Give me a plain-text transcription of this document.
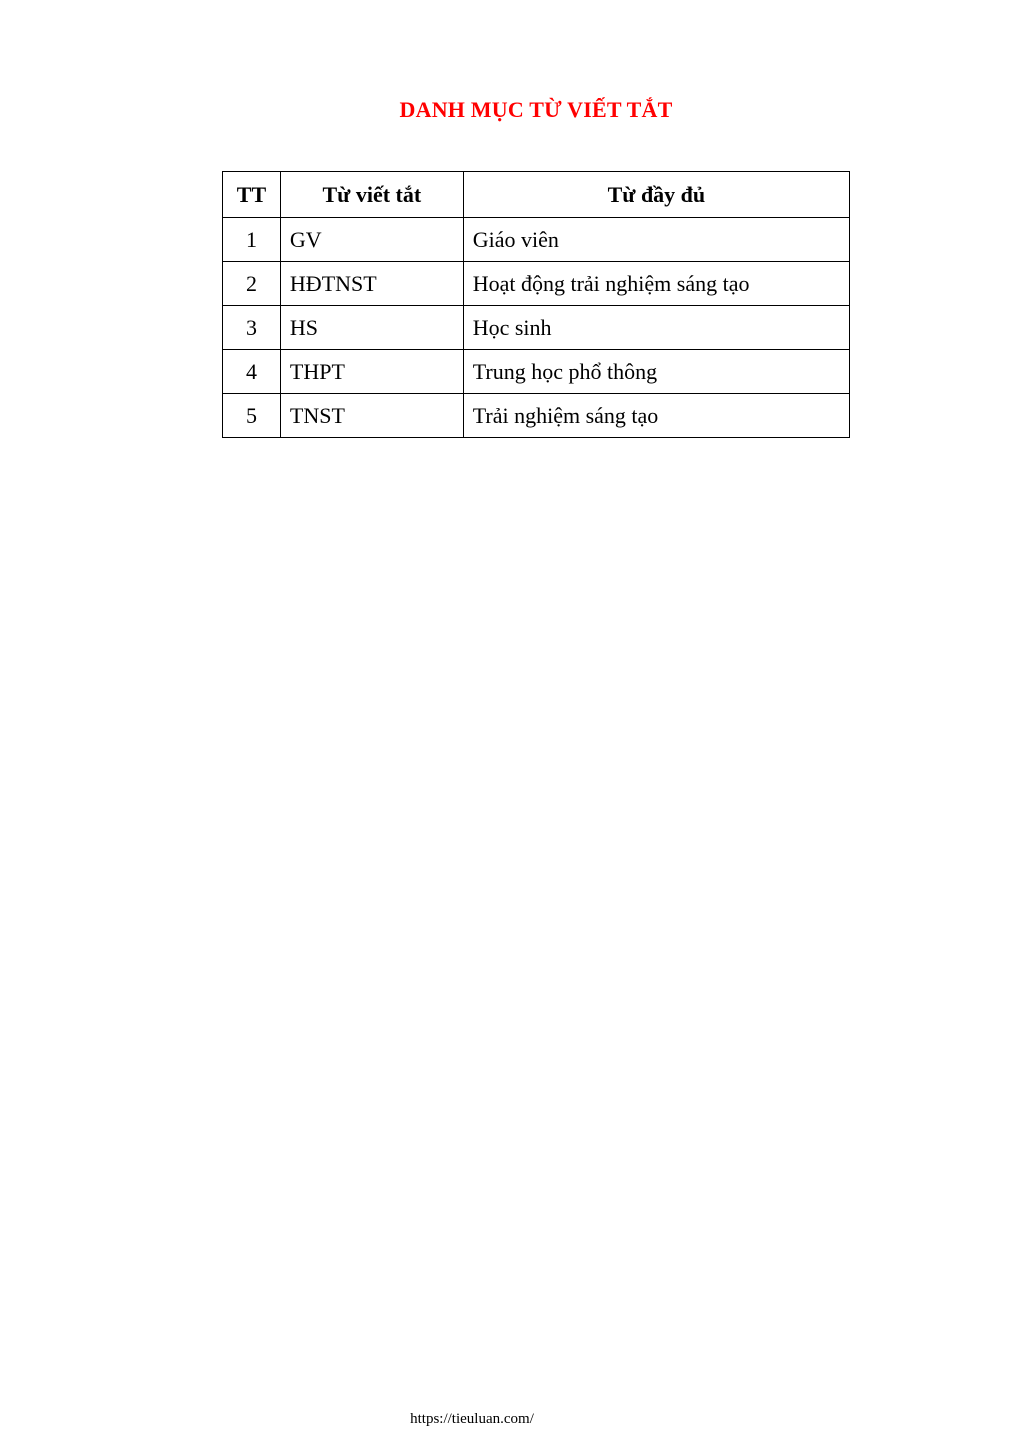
DANH MỤC TỪ VIẾT TẮT
TT	Từ viết tắt	Từ đầy đủ
1	GV	Giáo viên
2	HĐTNST	Hoạt động trải nghiệm sáng tạo
3	HS	Học sinh
4	THPT	Trung học phổ thông
5	TNST	Trải nghiệm sáng tạo
https://tieuluan.com/
